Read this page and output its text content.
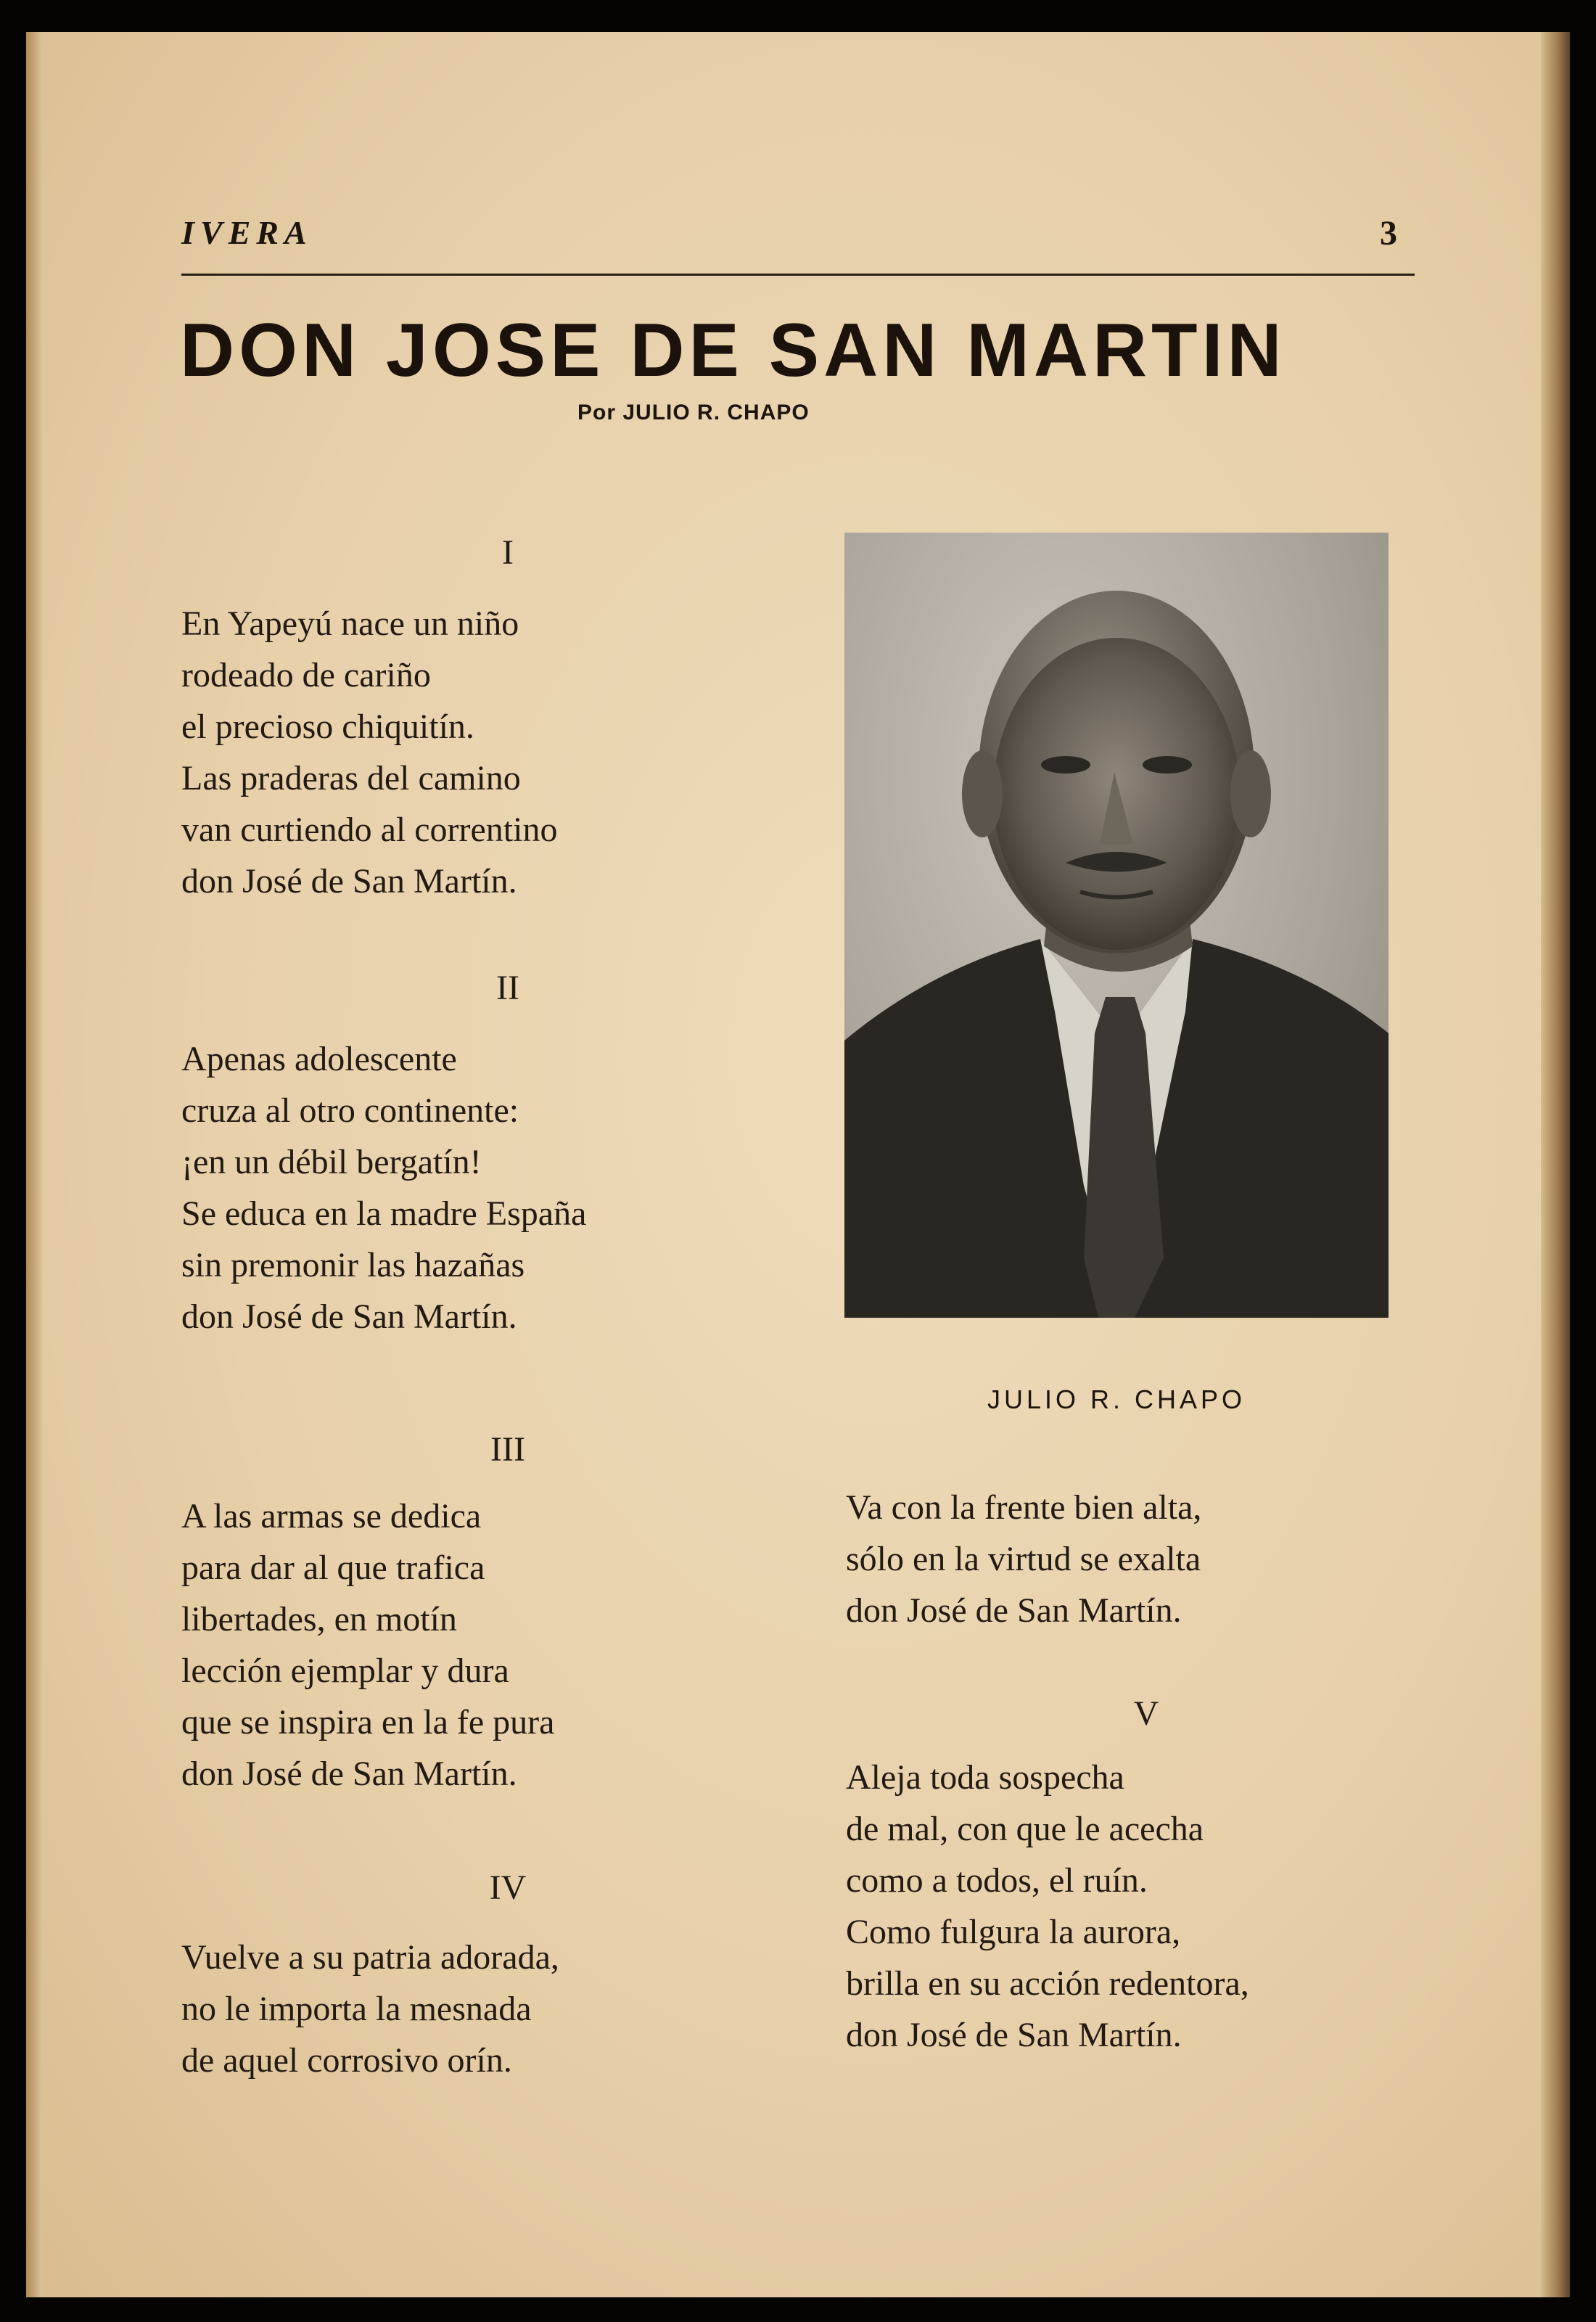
IVERA	3
DON JOSE DE SAN MARTIN
Por JULIO R. CHAPO
I
En Yapeyú nace un niño
rodeado de cariño
el precioso chiquitín.
Las praderas del camino
van curtiendo al correntino
don José de San Martín.
II
Apenas adolescente
cruza al otro continente:
¡en un débil bergatín!
Se educa en la madre España
sin premonir las hazañas
don José de San Martín.
III
A las armas se dedica
para dar al que trafica
libertades, en motín
lección ejemplar y dura
que se inspira en la fe pura
don José de San Martín.
IV
Vuelve a su patria adorada,
no le importa la mesnada
de aquel corrosivo orín.
JULIO R. CHAPO
Va con la frente bien alta,
sólo en la virtud se exalta
don José de San Martín.
V
Aleja toda sospecha
de mal, con que le acecha
como a todos, el ruín.
Como fulgura la aurora,
brilla en su acción redentora,
don José de San Martín.
